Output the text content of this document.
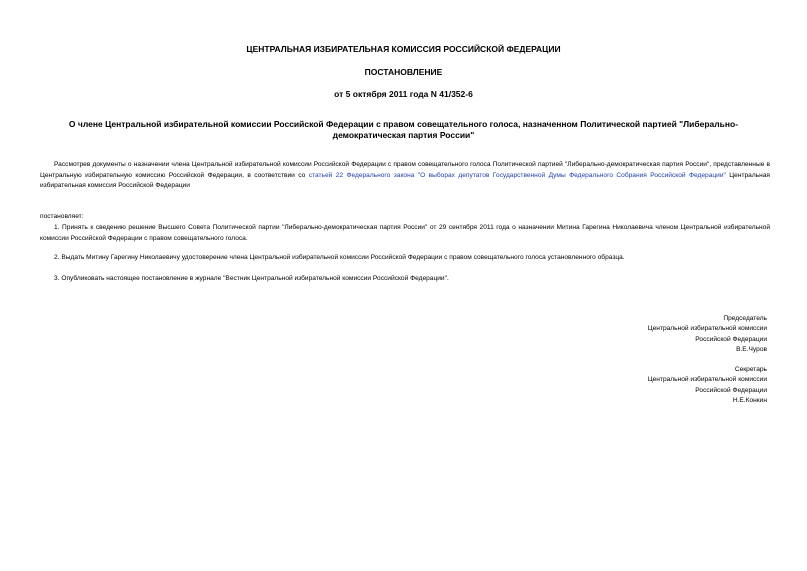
ЦЕНТРАЛЬНАЯ ИЗБИРАТЕЛЬНАЯ КОМИССИЯ РОССИЙСКОЙ ФЕДЕРАЦИИ

ПОСТАНОВЛЕНИЕ

от 5 октября 2011 года N 41/352-6

О члене Центральной избирательной комиссии Российской Федерации с правом совещательного голоса, назначенном Политической партией "Либерально-демократическая партия России"

Рассмотрев документы о назначении члена Центральной избирательной комиссии Российской Федерации с правом совещательного голоса Политической партией "Либерально-демократическая партия России", представленные в Центральную избирательную комиссию Российской Федерации, в соответствии со статьей 22 Федерального закона "О выборах депутатов Государственной Думы Федерального Собрания Российской Федерации" Центральная избирательная комиссия Российской Федерации

постановляет:

1. Принять к сведению решение Высшего Совета Политической партии "Либерально-демократическая партия России" от 29 сентября 2011 года о назначении Митина Гарегина Николаевича членом Центральной избирательной комиссии Российской Федерации с правом совещательного голоса.

2. Выдать Митину Гарегину Николаевичу удостоверение члена Центральной избирательной комиссии Российской Федерации с правом совещательного голоса установленного образца.

3. Опубликовать настоящее постановление в журнале "Вестник Центральной избирательной комиссии Российской Федерации".

Председатель
Центральной избирательной комиссии
Российской Федерации
В.Е.Чуров
Секретарь
Центральной избирательной комиссии
Российской Федерации
Н.Е.Конкин
